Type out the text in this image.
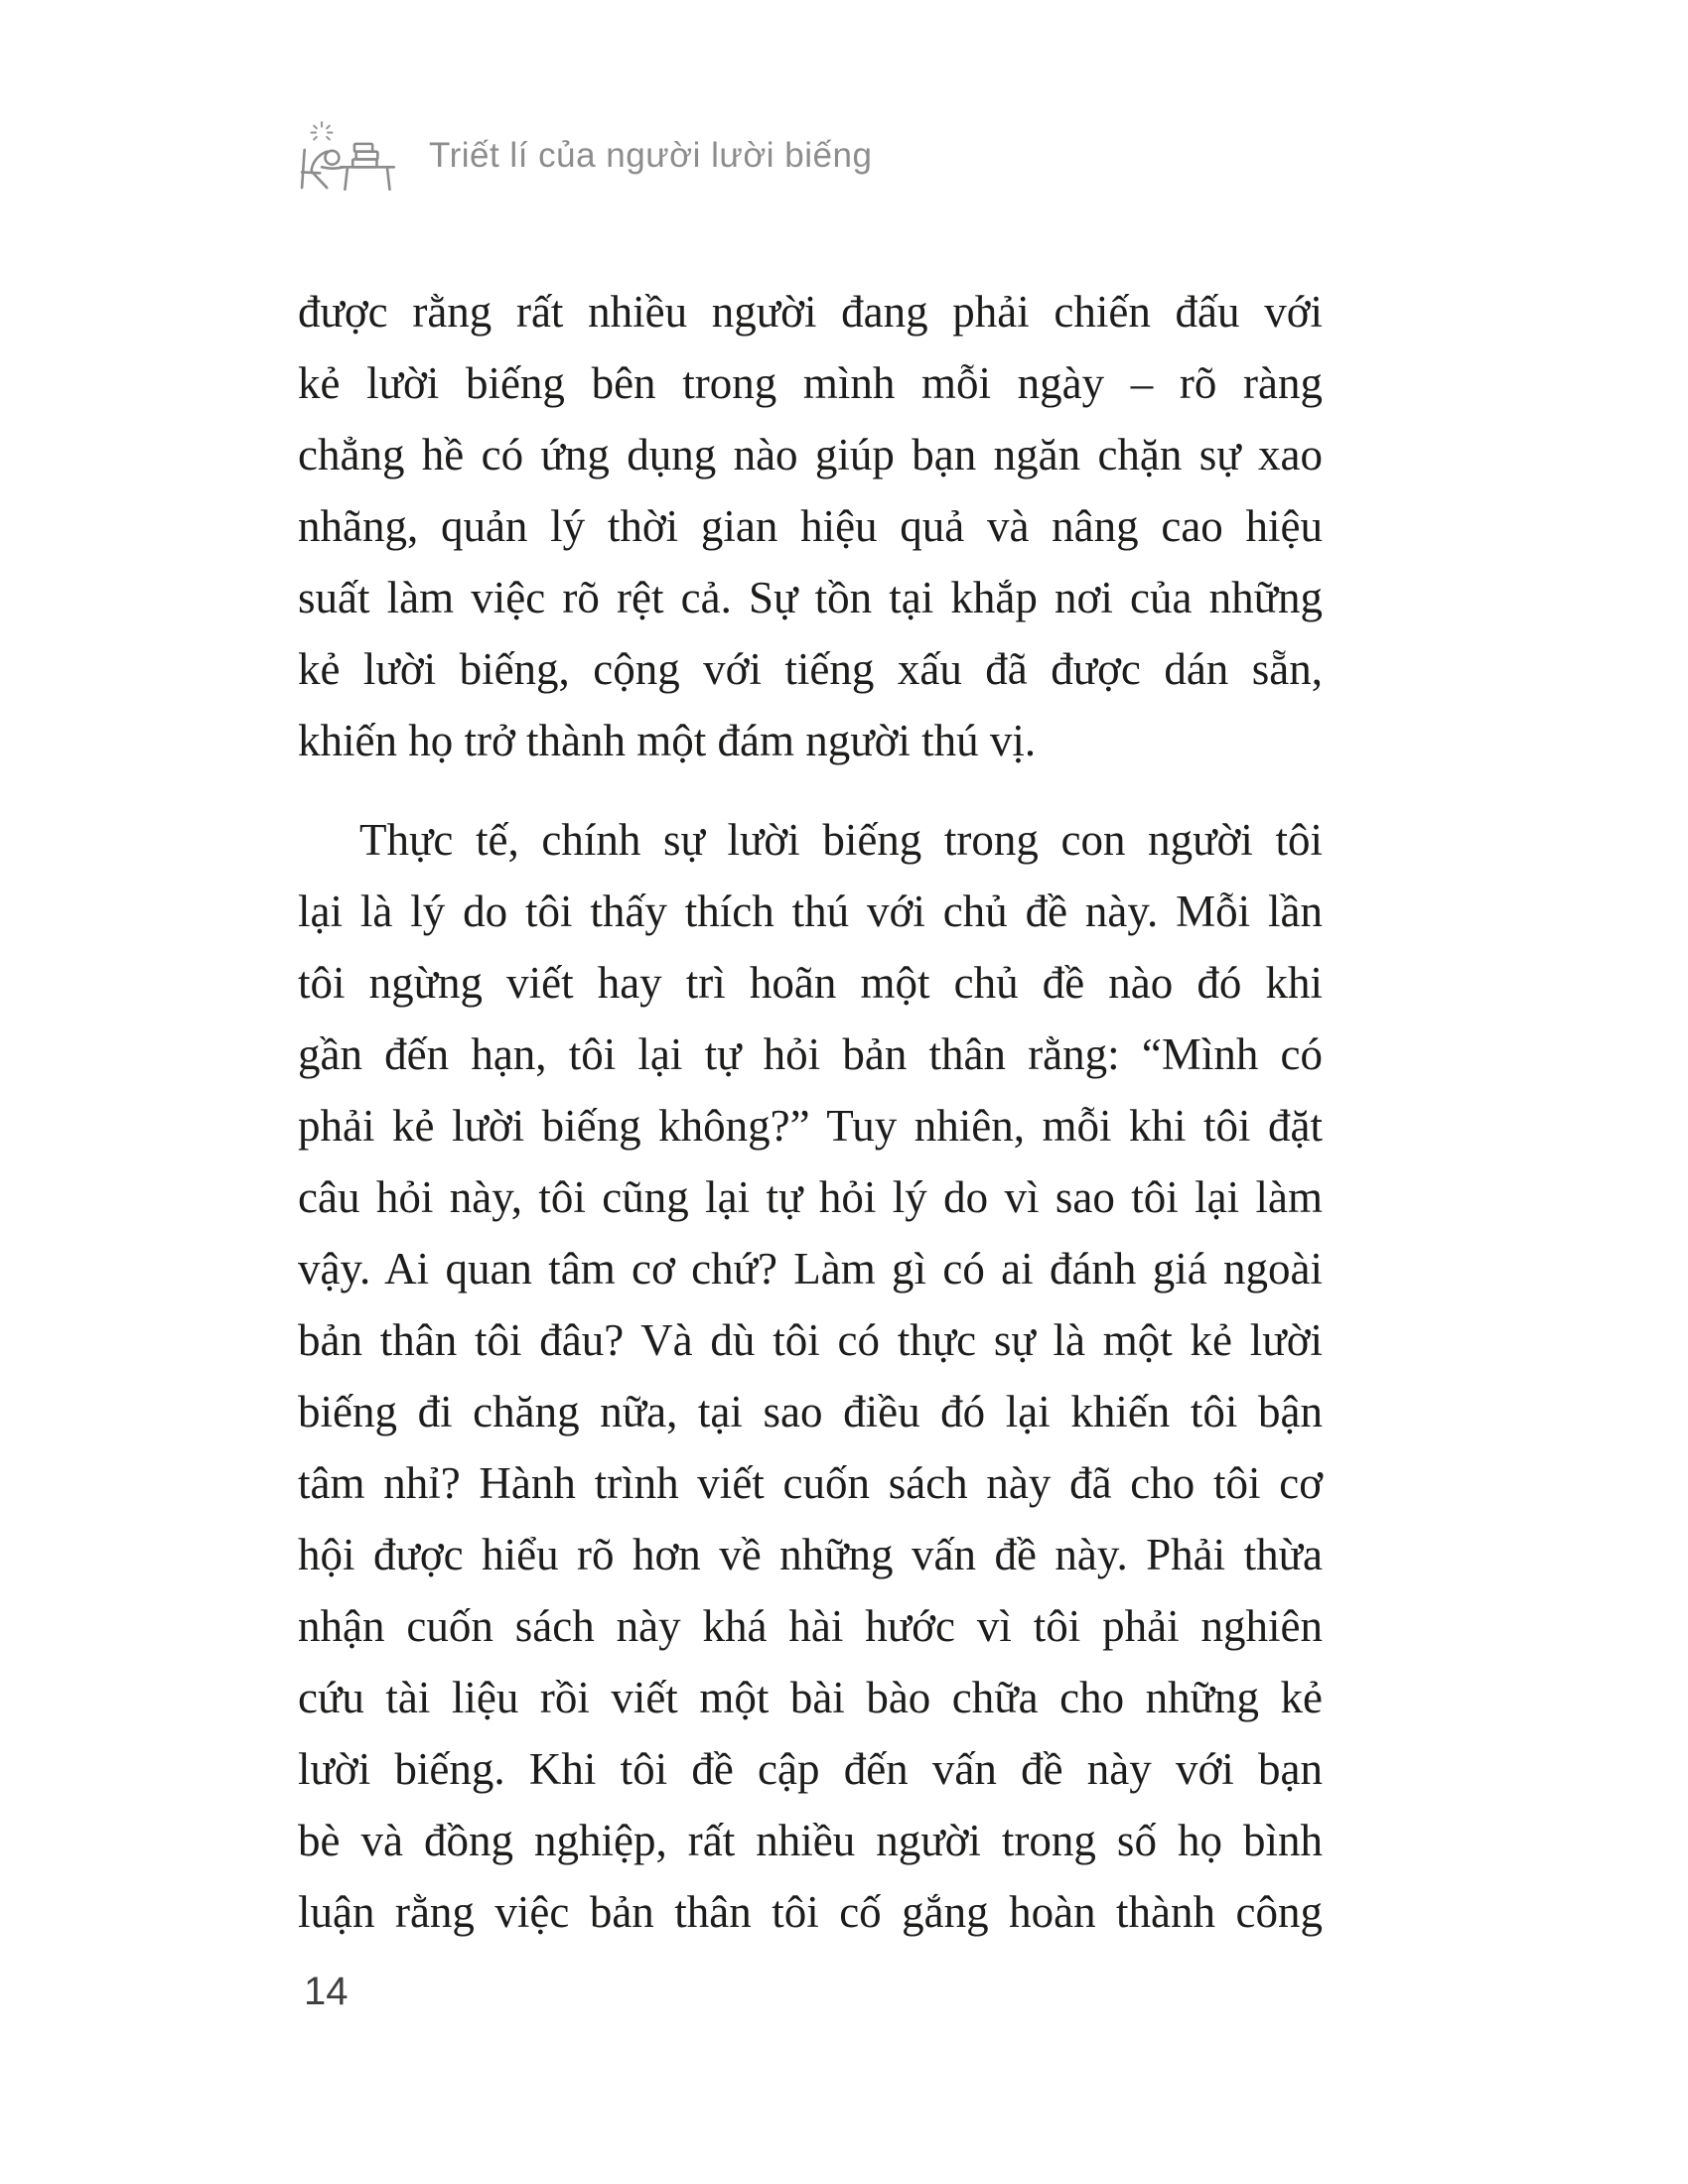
Triết lí của người lười biếng
được rằng rất nhiều người đang phải chiến đấu với
kẻ lười biếng bên trong mình mỗi ngày – rõ ràng
chẳng hề có ứng dụng nào giúp bạn ngăn chặn sự xao
nhãng, quản lý thời gian hiệu quả và nâng cao hiệu
suất làm việc rõ rệt cả. Sự tồn tại khắp nơi của những
kẻ lười biếng, cộng với tiếng xấu đã được dán sẵn,
khiến họ trở thành một đám người thú vị.
Thực tế, chính sự lười biếng trong con người tôi
lại là lý do tôi thấy thích thú với chủ đề này. Mỗi lần
tôi ngừng viết hay trì hoãn một chủ đề nào đó khi
gần đến hạn, tôi lại tự hỏi bản thân rằng: “Mình có
phải kẻ lười biếng không?” Tuy nhiên, mỗi khi tôi đặt
câu hỏi này, tôi cũng lại tự hỏi lý do vì sao tôi lại làm
vậy. Ai quan tâm cơ chứ? Làm gì có ai đánh giá ngoài
bản thân tôi đâu? Và dù tôi có thực sự là một kẻ lười
biếng đi chăng nữa, tại sao điều đó lại khiến tôi bận
tâm nhỉ? Hành trình viết cuốn sách này đã cho tôi cơ
hội được hiểu rõ hơn về những vấn đề này. Phải thừa
nhận cuốn sách này khá hài hước vì tôi phải nghiên
cứu tài liệu rồi viết một bài bào chữa cho những kẻ
lười biếng. Khi tôi đề cập đến vấn đề này với bạn
bè và đồng nghiệp, rất nhiều người trong số họ bình
luận rằng việc bản thân tôi cố gắng hoàn thành công
14
